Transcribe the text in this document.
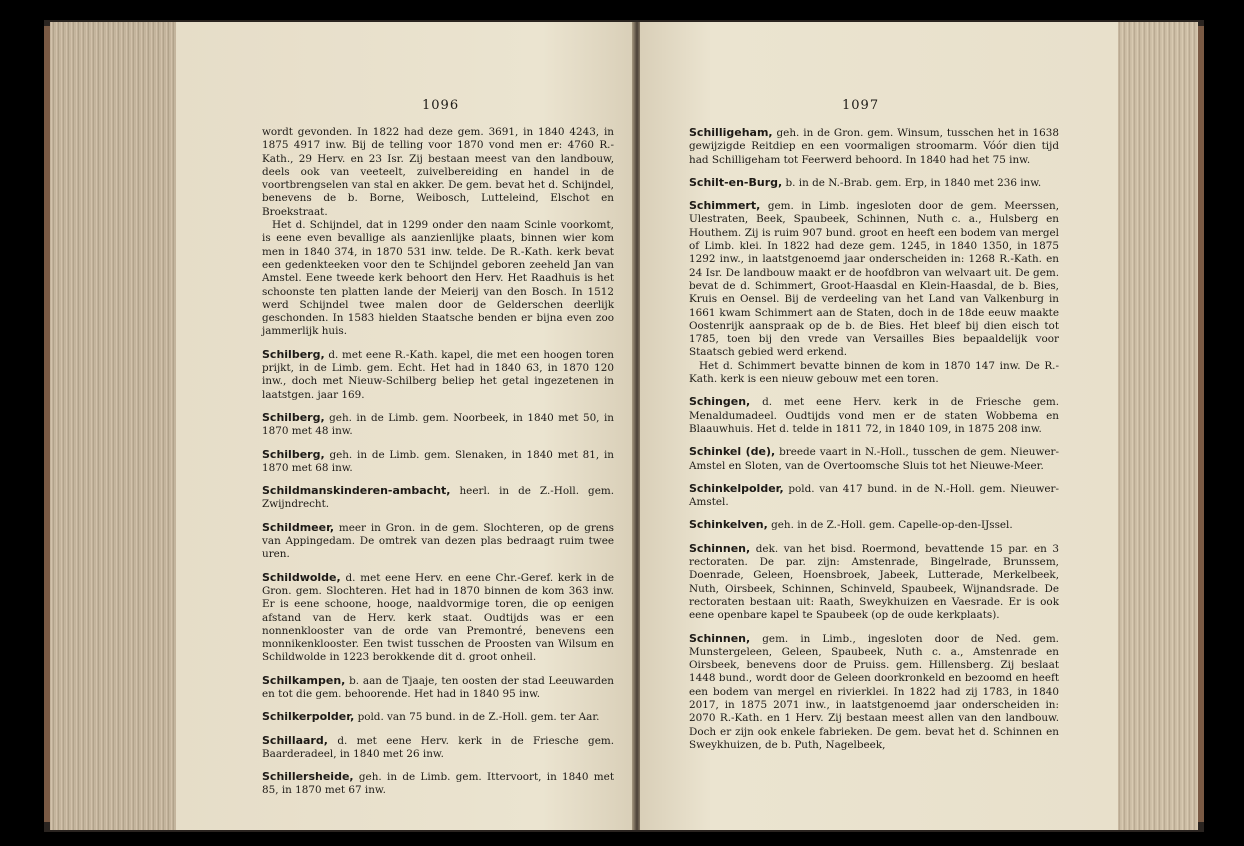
1096

wordt gevonden. In 1822 had deze gem. 3691, in 1840 4243, in 1875 4917 inw. Bij de telling voor 1870 vond men er: 4760 R.-Kath., 29 Herv. en 23 Isr. Zij bestaan meest van den landbouw, deels ook van veeteelt, zuivelbereiding en handel in de voortbrengselen van stal en akker. De gem. bevat het d. Schijndel, benevens de b. Borne, Weibosch, Lutteleind, Elschot en Broekstraat.

Het d. Schijndel, dat in 1299 onder den naam Scinle voorkomt, is eene even bevallige als aanzienlijke plaats, binnen wier kom men in 1840 374, in 1870 531 inw. telde. De R.-Kath. kerk bevat een gedenkteeken voor den te Schijndel geboren zeeheld Jan van Amstel. Eene tweede kerk behoort den Herv. Het Raadhuis is het schoonste ten platten lande der Meierij van den Bosch. In 1512 werd Schijndel twee malen door de Gelderschen deerlijk geschonden. In 1583 hielden Staatsche benden er bijna even zoo jammerlijk huis.

Schilberg, d. met eene R.-Kath. kapel, die met een hoogen toren prijkt, in de Limb. gem. Echt. Het had in 1840 63, in 1870 120 inw., doch met Nieuw-Schilberg beliep het getal ingezetenen in laatstgen. jaar 169.

Schilberg, geh. in de Limb. gem. Noorbeek, in 1840 met 50, in 1870 met 48 inw.

Schilberg, geh. in de Limb. gem. Slenaken, in 1840 met 81, in 1870 met 68 inw.

Schildmanskinderen-ambacht, heerl. in de Z.-Holl. gem. Zwijndrecht.

Schildmeer, meer in Gron. in de gem. Slochteren, op de grens van Appingedam. De omtrek van dezen plas bedraagt ruim twee uren.

Schildwolde, d. met eene Herv. en eene Chr.-Geref. kerk in de Gron. gem. Slochteren. Het had in 1870 binnen de kom 363 inw. Er is eene schoone, hooge, naaldvormige toren, die op eenigen afstand van de Herv. kerk staat. Oudtijds was er een nonnenklooster van de orde van Premontré, benevens een monnikenklooster. Een twist tusschen de Proosten van Wilsum en Schildwolde in 1223 berokkende dit d. groot onheil.

Schilkampen, b. aan de Tjaaje, ten oosten der stad Leeuwarden en tot die gem. behoorende. Het had in 1840 95 inw.

Schilkerpolder, pold. van 75 bund. in de Z.-Holl. gem. ter Aar.

Schillaard, d. met eene Herv. kerk in de Friesche gem. Baarderadeel, in 1840 met 26 inw.

Schillersheide, geh. in de Limb. gem. Ittervoort, in 1840 met 85, in 1870 met 67 inw.

1097

Schilligeham, geh. in de Gron. gem. Winsum, tusschen het in 1638 gewijzigde Reitdiep en een voormaligen stroomarm. Vóór dien tijd had Schilligeham tot Feerwerd behoord. In 1840 had het 75 inw.

Schilt-en-Burg, b. in de N.-Brab. gem. Erp, in 1840 met 236 inw.

Schimmert, gem. in Limb. ingesloten door de gem. Meerssen, Ulestraten, Beek, Spaubeek, Schinnen, Nuth c. a., Hulsberg en Houthem. Zij is ruim 907 bund. groot en heeft een bodem van mergel of Limb. klei. In 1822 had deze gem. 1245, in 1840 1350, in 1875 1292 inw., in laatstgenoemd jaar onderscheiden in: 1268 R.-Kath. en 24 Isr. De landbouw maakt er de hoofdbron van welvaart uit. De gem. bevat de d. Schimmert, Groot-Haasdal en Klein-Haasdal, de b. Bies, Kruis en Oensel. Bij de verdeeling van het Land van Valkenburg in 1661 kwam Schimmert aan de Staten, doch in de 18de eeuw maakte Oostenrijk aanspraak op de b. de Bies. Het bleef bij dien eisch tot 1785, toen bij den vrede van Versailles Bies bepaaldelijk voor Staatsch gebied werd erkend.

Het d. Schimmert bevatte binnen de kom in 1870 147 inw. De R.-Kath. kerk is een nieuw gebouw met een toren.

Schingen, d. met eene Herv. kerk in de Friesche gem. Menaldumadeel. Oudtijds vond men er de staten Wobbema en Blaauwhuis. Het d. telde in 1811 72, in 1840 109, in 1875 208 inw.

Schinkel (de), breede vaart in N.-Holl., tusschen de gem. Nieuwer-Amstel en Sloten, van de Overtoomsche Sluis tot het Nieuwe-Meer.

Schinkelpolder, pold. van 417 bund. in de N.-Holl. gem. Nieuwer-Amstel.

Schinkelven, geh. in de Z.-Holl. gem. Capelle-op-den-IJssel.

Schinnen, dek. van het bisd. Roermond, bevattende 15 par. en 3 rectoraten. De par. zijn: Amstenrade, Bingelrade, Brunssem, Doenrade, Geleen, Hoensbroek, Jabeek, Lutterade, Merkelbeek, Nuth, Oirsbeek, Schinnen, Schinveld, Spaubeek, Wijnandsrade. De rectoraten bestaan uit: Raath, Sweykhuizen en Vaesrade. Er is ook eene openbare kapel te Spaubeek (op de oude kerkplaats).

Schinnen, gem. in Limb., ingesloten door de Ned. gem. Munstergeleen, Geleen, Spaubeek, Nuth c. a., Amstenrade en Oirsbeek, benevens door de Pruiss. gem. Hillensberg. Zij beslaat 1448 bund., wordt door de Geleen doorkronkeld en bezoomd en heeft een bodem van mergel en rivierklei. In 1822 had zij 1783, in 1840 2017, in 1875 2071 inw., in laatstgenoemd jaar onderscheiden in: 2070 R.-Kath. en 1 Herv. Zij bestaan meest allen van den landbouw. Doch er zijn ook enkele fabrieken. De gem. bevat het d. Schinnen en Sweykhuizen, de b. Puth, Nagelbeek,
